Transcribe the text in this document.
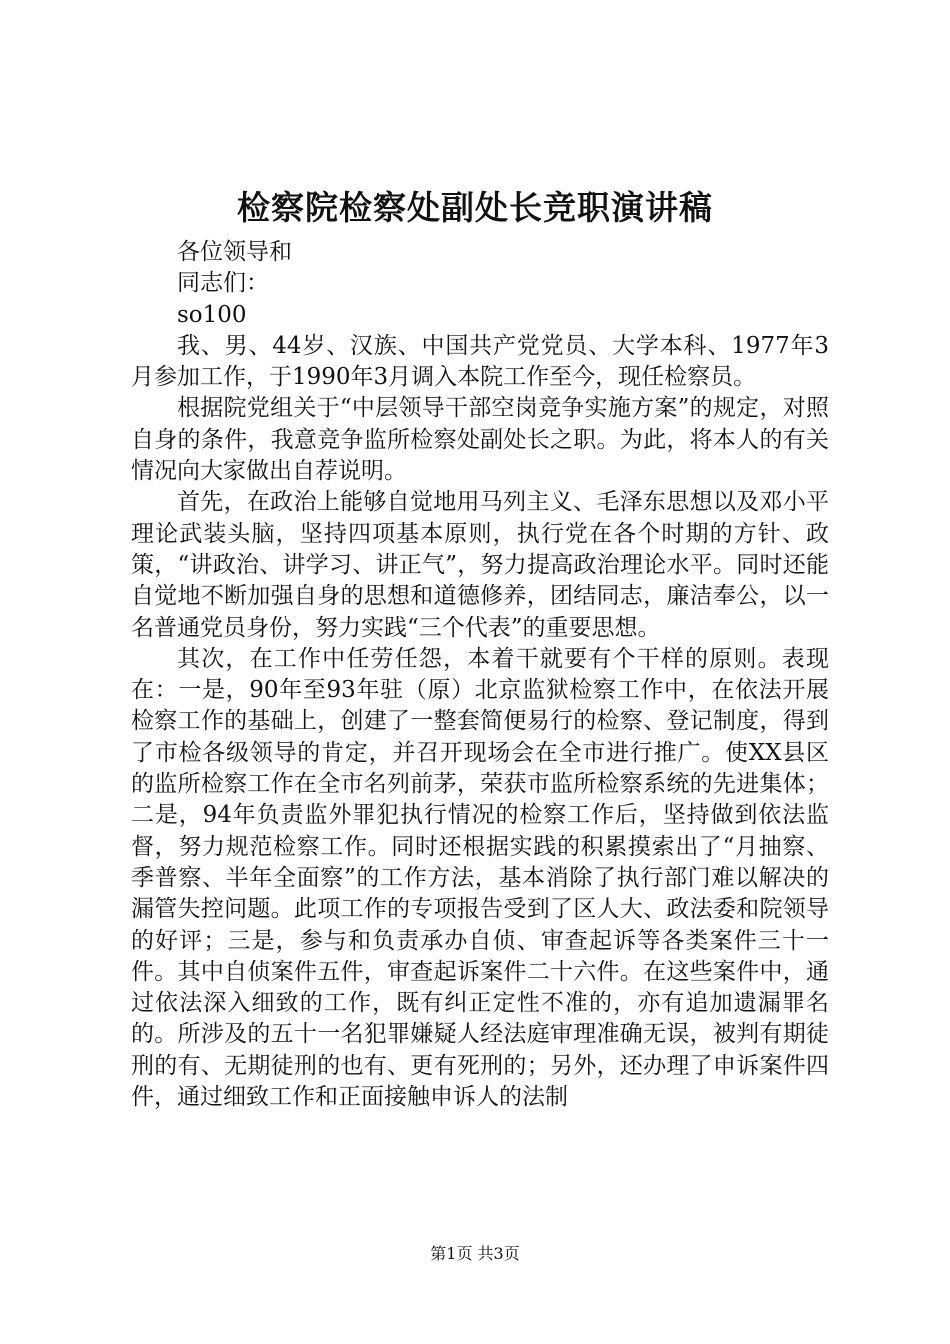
检察院检察处副处长竞职演讲稿

各位领导和

同志们：

so100

我、男、44岁、汉族、中国共产党党员、大学本科、1977年3月参加工作，于1990年3月调入本院工作至今，现任检察员。

根据院党组关于“中层领导干部空岗竞争实施方案”的规定，对照自身的条件，我意竞争监所检察处副处长之职。为此，将本人的有关情况向大家做出自荐说明。

首先，在政治上能够自觉地用马列主义、毛泽东思想以及邓小平理论武装头脑，坚持四项基本原则，执行党在各个时期的方针、政策，“讲政治、讲学习、讲正气”，努力提高政治理论水平。同时还能自觉地不断加强自身的思想和道德修养，团结同志，廉洁奉公，以一名普通党员身份，努力实践“三个代表”的重要思想。

其次，在工作中任劳任怨，本着干就要有个干样的原则。表现在：一是，90年至93年驻（原）北京监狱检察工作中，在依法开展检察工作的基础上，创建了一整套简便易行的检察、登记制度，得到了市检各级领导的肯定，并召开现场会在全市进行推广。使XX县区的监所检察工作在全市名列前茅，荣获市监所检察系统的先进集体；二是，94年负责监外罪犯执行情况的检察工作后，坚持做到依法监督，努力规范检察工作。同时还根据实践的积累摸索出了“月抽察、季普察、半年全面察”的工作方法，基本消除了执行部门难以解决的漏管失控问题。此项工作的专项报告受到了区人大、政法委和院领导的好评；三是，参与和负责承办自侦、审查起诉等各类案件三十一件。其中自侦案件五件，审查起诉案件二十六件。在这些案件中，通过依法深入细致的工作，既有纠正定性不准的，亦有追加遗漏罪名的。所涉及的五十一名犯罪嫌疑人经法庭审理准确无误，被判有期徒刑的有、无期徒刑的也有、更有死刑的；另外，还办理了申诉案件四件，通过细致工作和正面接触申诉人的法制

第1页 共3页
